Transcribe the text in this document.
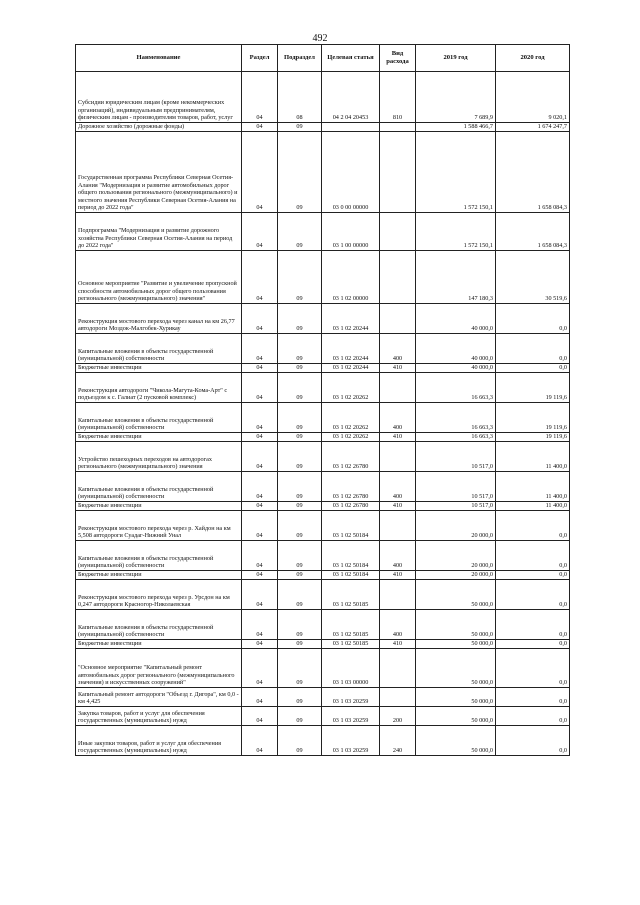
492
Наименование	Раздел	Подраздел	Целевая статья	Вид расхода	2019 год	2020 год
Субсидии юридическим лицам (кроме некоммерческих организаций), индивидуальным предпринимателям, физическим лицам - производителям товаров, работ, услуг	04	08	04 2 04 20453	810	7 689,9	9 020,1
Дорожное хозяйство (дорожные фонды)	04	09			1 588 466,7	1 674 247,7
Государственная программа Республики Северная Осетия-Алания "Модернизация и развитие автомобильных дорог общего пользования регионального (межмуниципального) и местного значения Республики Северная Осетия-Алания на период до 2022 года"	04	09	03 0 00 00000		1 572 150,1	1 658 084,3
Подпрограмма "Модернизация и развитие дорожного хозяйства Республики Северная Осетия-Алания на период до 2022 года"	04	09	03 1 00 00000		1 572 150,1	1 658 084,3
Основное мероприятие "Развитие и увеличение пропускной способности автомобильных дорог общего пользования регионального (межмуниципального) значения"	04	09	03 1 02 00000		147 180,3	30 519,6
Реконструкция мостового перехода через канал на км 26,77 автодороги Моздок-Малгобек-Хурикау	04	09	03 1 02 20244		40 000,0	0,0
Капитальные вложения в объекты государственной (муниципальной) собственности	04	09	03 1 02 20244	400	40 000,0	0,0
Бюджетные инвестиции	04	09	03 1 02 20244	410	40 000,0	0,0
Реконструкция автодороги "Чикола-Магута-Кома-Арт" с подъездом к с. Галиат (2 пусковой комплекс)	04	09	03 1 02 20262		16 663,3	19 119,6
Капитальные вложения в объекты государственной (муниципальной) собственности	04	09	03 1 02 20262	400	16 663,3	19 119,6
Бюджетные инвестиции	04	09	03 1 02 20262	410	16 663,3	19 119,6
Устройство пешеходных переходов на автодорогах регионального (межмуниципального) значения	04	09	03 1 02 26780		10 517,0	11 400,0
Капитальные вложения в объекты государственной (муниципальной) собственности	04	09	03 1 02 26780	400	10 517,0	11 400,0
Бюджетные инвестиции	04	09	03 1 02 26780	410	10 517,0	11 400,0
Реконструкция мостового перехода через р. Хайдон на км 5,508 автодороги Суадаг-Нижний Унал	04	09	03 1 02 50184		20 000,0	0,0
Капитальные вложения в объекты государственной (муниципальной) собственности	04	09	03 1 02 50184	400	20 000,0	0,0
Бюджетные инвестиции	04	09	03 1 02 50184	410	20 000,0	0,0
Реконструкция мостового перехода через р. Урсдон на км 0,247 автодороги Красногор-Николаевская	04	09	03 1 02 50185		50 000,0	0,0
Капитальные вложения в объекты государственной (муниципальной) собственности	04	09	03 1 02 50185	400	50 000,0	0,0
Бюджетные инвестиции	04	09	03 1 02 50185	410	50 000,0	0,0
"Основное мероприятие "Капитальный ремонт автомобильных дорог регионального (межмуниципального значения) и искусственных сооружений"	04	09	03 1 03 00000		50 000,0	0,0
Капитальный ремонт автодороги "Объезд г. Дигора", км 0,0 - км 4,425	04	09	03 1 03 20259		50 000,0	0,0
Закупка товаров, работ и услуг для обеспечения государственных (муниципальных) нужд	04	09	03 1 03 20259	200	50 000,0	0,0
Иные закупки товаров, работ и услуг для обеспечения государственных (муниципальных) нужд	04	09	03 1 03 20259	240	50 000,0	0,0
